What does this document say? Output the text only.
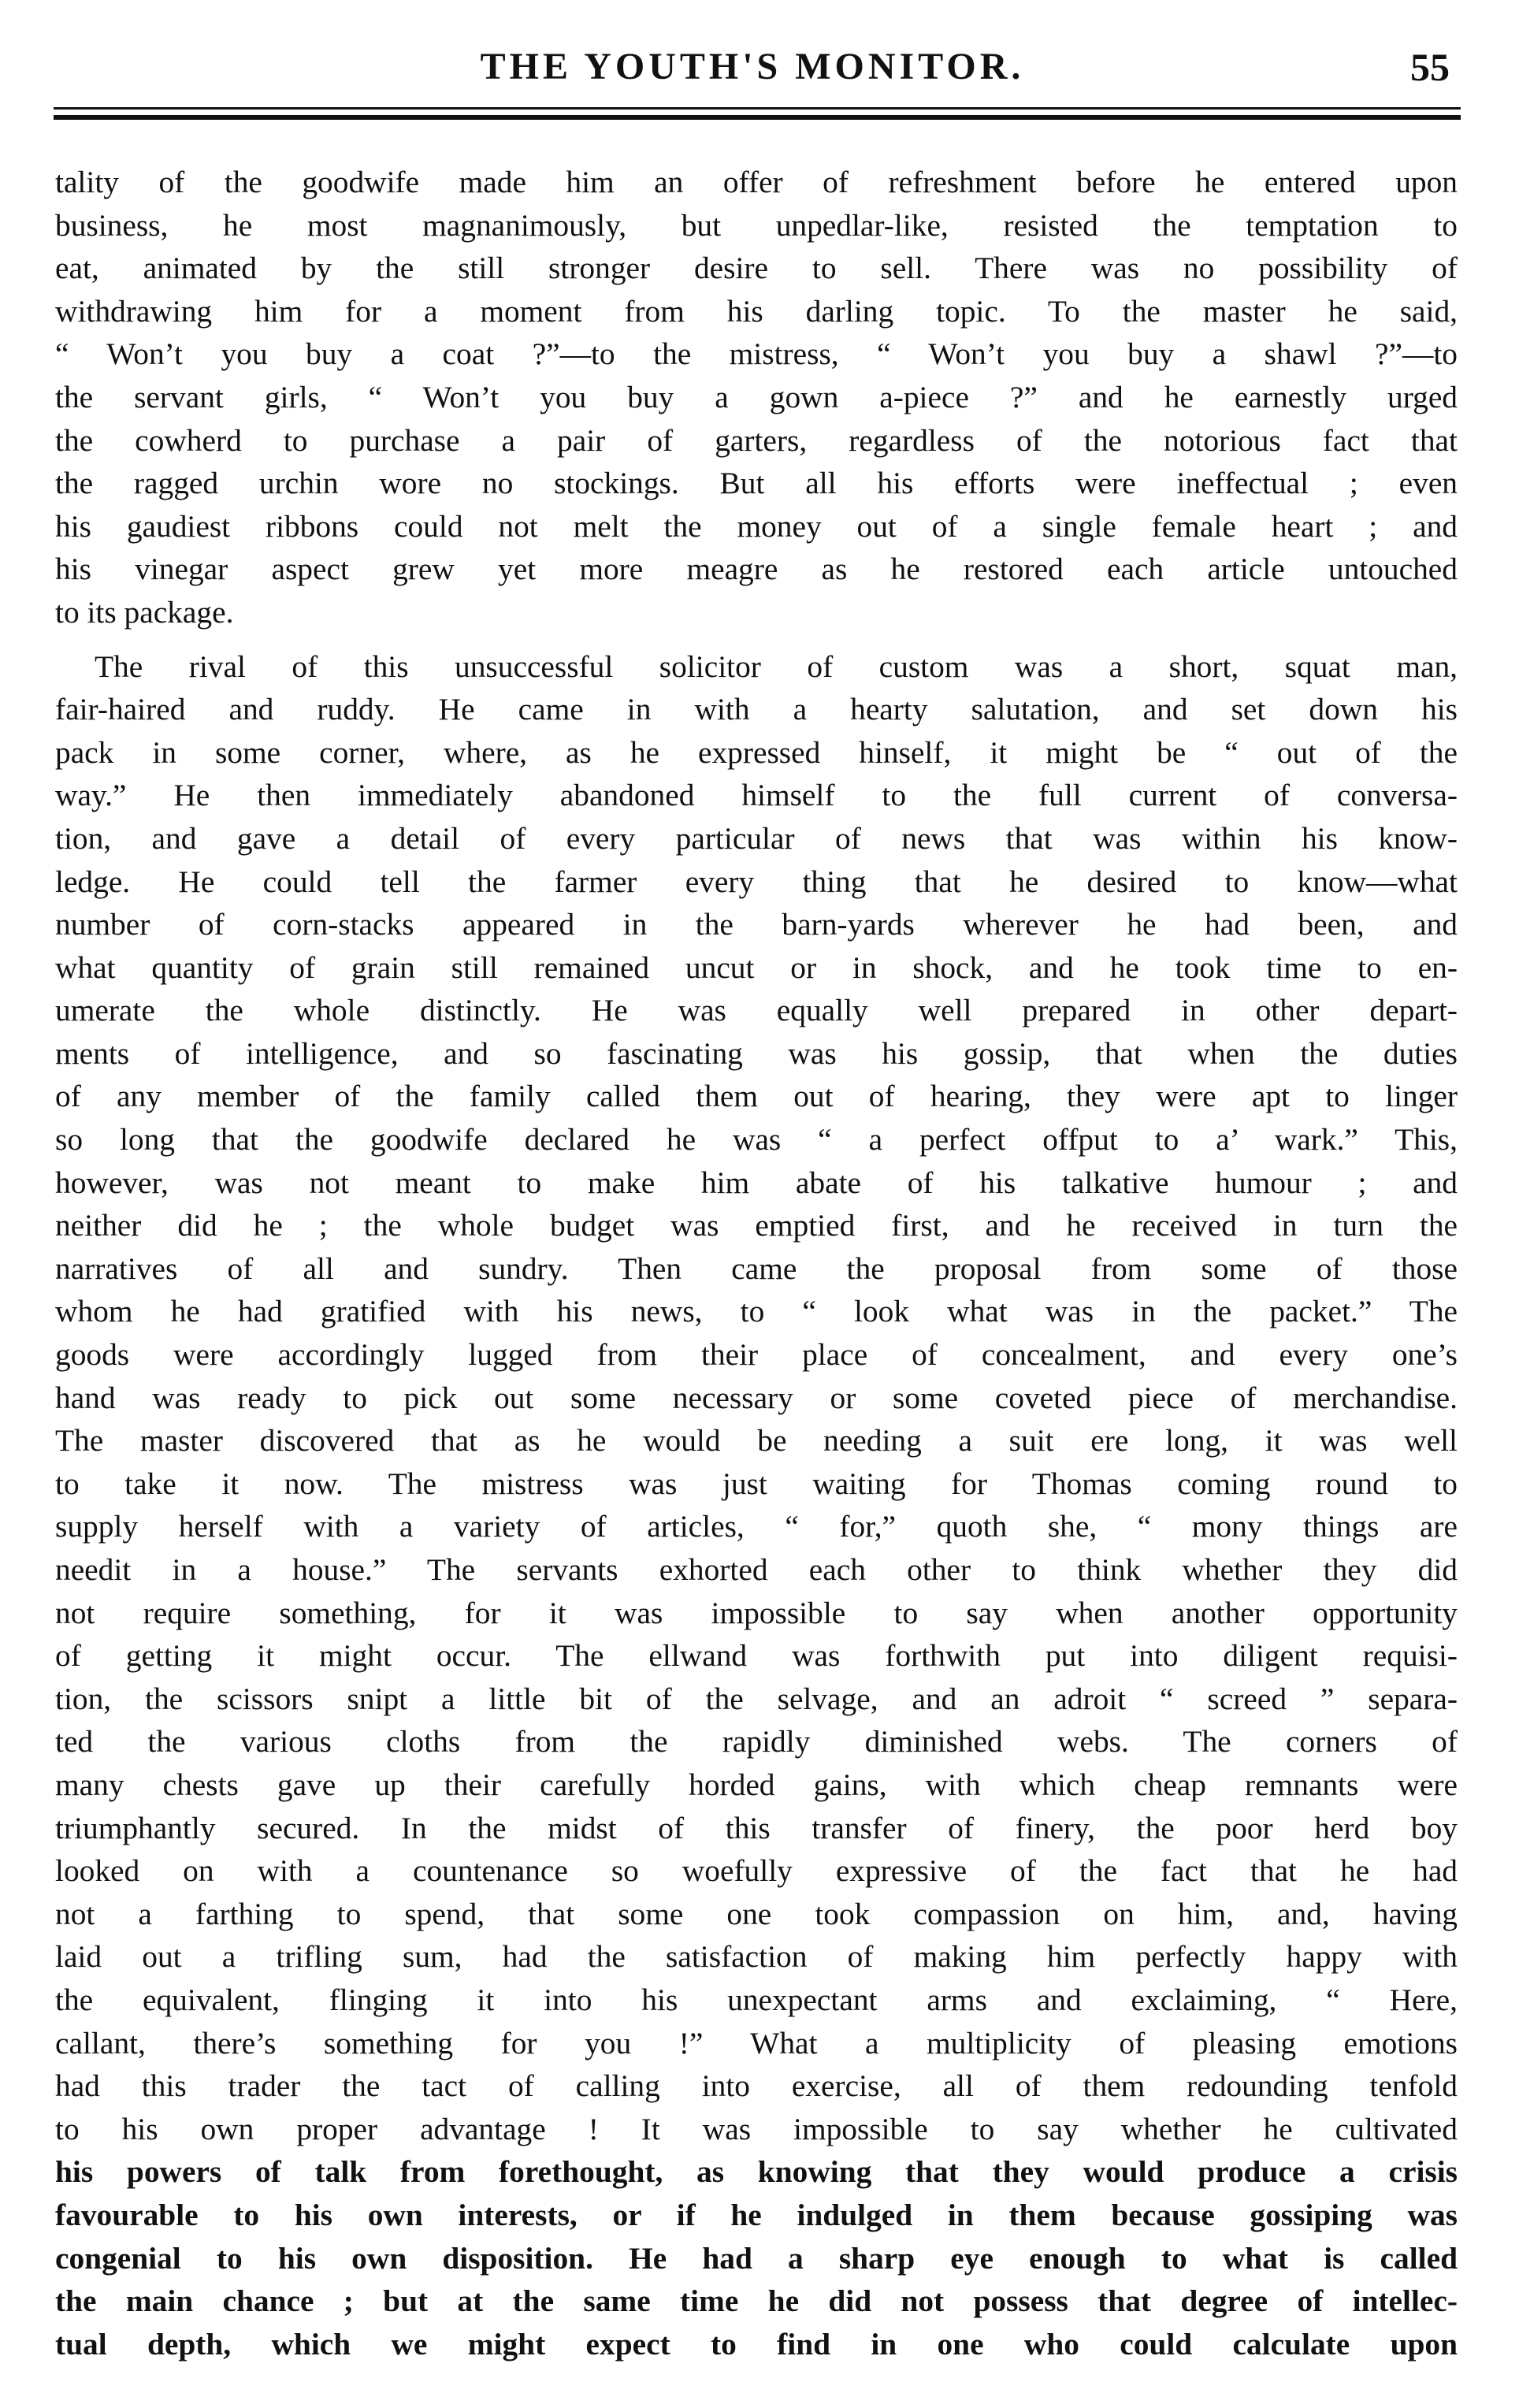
THE YOUTH'S MONITOR.	55
tality of the goodwife made him an offer of refreshment before he entered upon
business, he most magnanimously, but unpedlar-like, resisted the temptation to
eat, animated by the still stronger desire to sell. There was no possibility of
withdrawing him for a moment from his darling topic. To the master he said,
“ Won’t you buy a coat ?”—to the mistress, “ Won’t you buy a shawl ?”—to
the servant girls, “ Won’t you buy a gown a-piece ?” and he earnestly urged
the cowherd to purchase a pair of garters, regardless of the notorious fact that
the ragged urchin wore no stockings. But all his efforts were ineffectual ; even
his gaudiest ribbons could not melt the money out of a single female heart ; and
his vinegar aspect grew yet more meagre as he restored each article untouched
to its package.
The rival of this unsuccessful solicitor of custom was a short, squat man,
fair-haired and ruddy. He came in with a hearty salutation, and set down his
pack in some corner, where, as he expressed hinself, it might be “ out of the
way.” He then immediately abandoned himself to the full current of conversa-
tion, and gave a detail of every particular of news that was within his know-
ledge. He could tell the farmer every thing that he desired to know—what
number of corn-stacks appeared in the barn-yards wherever he had been, and
what quantity of grain still remained uncut or in shock, and he took time to en-
umerate the whole distinctly. He was equally well prepared in other depart-
ments of intelligence, and so fascinating was his gossip, that when the duties
of any member of the family called them out of hearing, they were apt to linger
so long that the goodwife declared he was “ a perfect offput to a’ wark.” This,
however, was not meant to make him abate of his talkative humour ; and
neither did he ; the whole budget was emptied first, and he received in turn the
narratives of all and sundry. Then came the proposal from some of those
whom he had gratified with his news, to “ look what was in the packet.” The
goods were accordingly lugged from their place of concealment, and every one’s
hand was ready to pick out some necessary or some coveted piece of merchandise.
The master discovered that as he would be needing a suit ere long, it was well
to take it now. The mistress was just waiting for Thomas coming round to
supply herself with a variety of articles, “ for,” quoth she, “ mony things are
needit in a house.” The servants exhorted each other to think whether they did
not require something, for it was impossible to say when another opportunity
of getting it might occur. The ellwand was forthwith put into diligent requisi-
tion, the scissors snipt a little bit of the selvage, and an adroit “ screed ” separa-
ted the various cloths from the rapidly diminished webs. The corners of
many chests gave up their carefully horded gains, with which cheap remnants were
triumphantly secured. In the midst of this transfer of finery, the poor herd boy
looked on with a countenance so woefully expressive of the fact that he had
not a farthing to spend, that some one took compassion on him, and, having
laid out a trifling sum, had the satisfaction of making him perfectly happy with
the equivalent, flinging it into his unexpectant arms and exclaiming, “ Here,
callant, there’s something for you !” What a multiplicity of pleasing emotions
had this trader the tact of calling into exercise, all of them redounding tenfold
to his own proper advantage ! It was impossible to say whether he cultivated
his powers of talk from forethought, as knowing that they would produce a crisis
favourable to his own interests, or if he indulged in them because gossiping was
congenial to his own disposition. He had a sharp eye enough to what is called
the main chance ; but at the same time he did not possess that degree of intellec-
tual depth, which we might expect to find in one who could calculate upon
